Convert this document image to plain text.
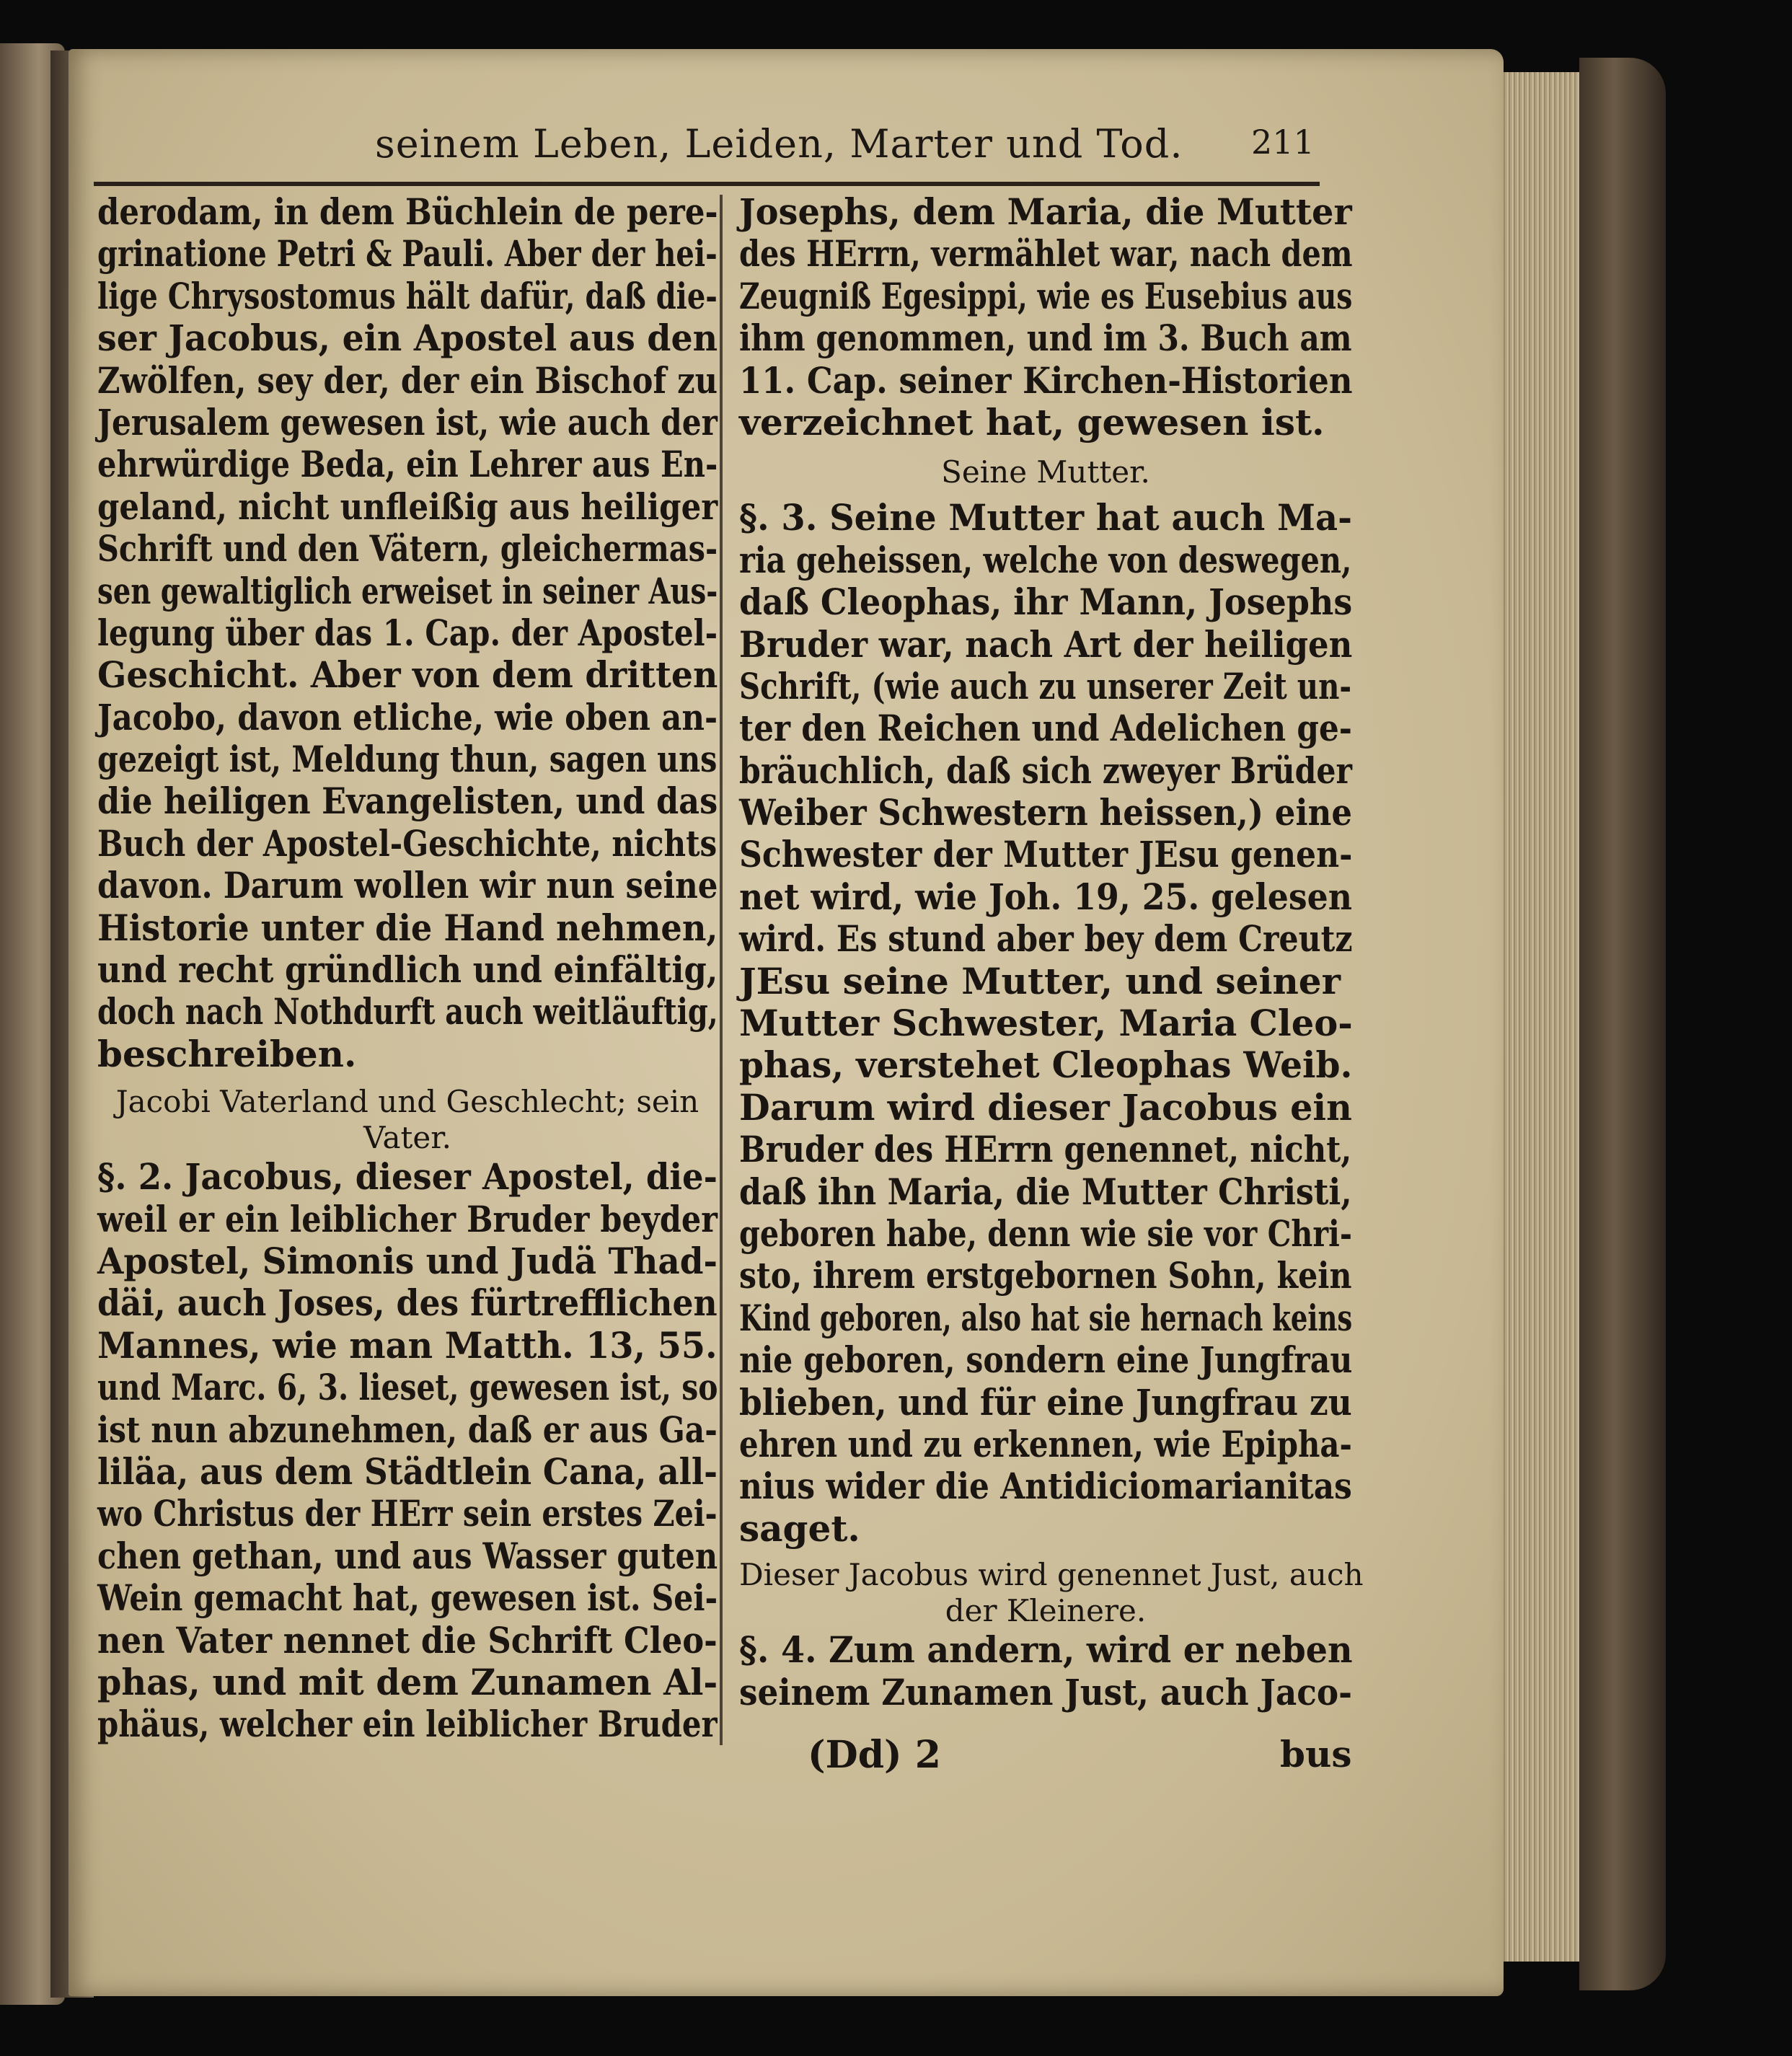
seinem Leben, Leiden, Marter und Tod.	211
derodam, in dem Büchlein de pere-
grinatione Petri & Pauli. Aber der hei-
lige Chrysostomus hält dafür, daß die-
ser Jacobus, ein Apostel aus den
Zwölfen, sey der, der ein Bischof zu
Jerusalem gewesen ist, wie auch der
ehrwürdige Beda, ein Lehrer aus En-
geland, nicht unfleißig aus heiliger
Schrift und den Vätern, gleichermas-
sen gewaltiglich erweiset in seiner Aus-
legung über das 1. Cap. der Apostel-
Geschicht. Aber von dem dritten
Jacobo, davon etliche, wie oben an-
gezeigt ist, Meldung thun, sagen uns
die heiligen Evangelisten, und das
Buch der Apostel-Geschichte, nichts
davon. Darum wollen wir nun seine
Historie unter die Hand nehmen,
und recht gründlich und einfältig,
doch nach Nothdurft auch weitläuftig,
beschreiben.
Jacobi Vaterland und Geschlecht; sein
Vater.
§. 2. Jacobus, dieser Apostel, die-
weil er ein leiblicher Bruder beyder
Apostel, Simonis und Judä Thad-
däi, auch Joses, des fürtrefflichen
Mannes, wie man Matth. 13, 55.
und Marc. 6, 3. lieset, gewesen ist, so
ist nun abzunehmen, daß er aus Ga-
liläa, aus dem Städtlein Cana, all-
wo Christus der HErr sein erstes Zei-
chen gethan, und aus Wasser guten
Wein gemacht hat, gewesen ist. Sei-
nen Vater nennet die Schrift Cleo-
phas, und mit dem Zunamen Al-
phäus, welcher ein leiblicher Bruder
Josephs, dem Maria, die Mutter
des HErrn, vermählet war, nach dem
Zeugniß Egesippi, wie es Eusebius aus
ihm genommen, und im 3. Buch am
11. Cap. seiner Kirchen-Historien
verzeichnet hat, gewesen ist.
Seine Mutter.
§. 3. Seine Mutter hat auch Ma-
ria geheissen, welche von deswegen,
daß Cleophas, ihr Mann, Josephs
Bruder war, nach Art der heiligen
Schrift, (wie auch zu unserer Zeit un-
ter den Reichen und Adelichen ge-
bräuchlich, daß sich zweyer Brüder
Weiber Schwestern heissen,) eine
Schwester der Mutter JEsu genen-
net wird, wie Joh. 19, 25. gelesen
wird. Es stund aber bey dem Creutz
JEsu seine Mutter, und seiner
Mutter Schwester, Maria Cleo-
phas, verstehet Cleophas Weib.
Darum wird dieser Jacobus ein
Bruder des HErrn genennet, nicht,
daß ihn Maria, die Mutter Christi,
geboren habe, denn wie sie vor Chri-
sto, ihrem erstgebornen Sohn, kein
Kind geboren, also hat sie hernach keins
nie geboren, sondern eine Jungfrau
blieben, und für eine Jungfrau zu
ehren und zu erkennen, wie Epipha-
nius wider die Antidiciomarianitas
saget.
Dieser Jacobus wird genennet Just, auch
der Kleinere.
§. 4. Zum andern, wird er neben
seinem Zunamen Just, auch Jaco-
(Dd) 2	bus
